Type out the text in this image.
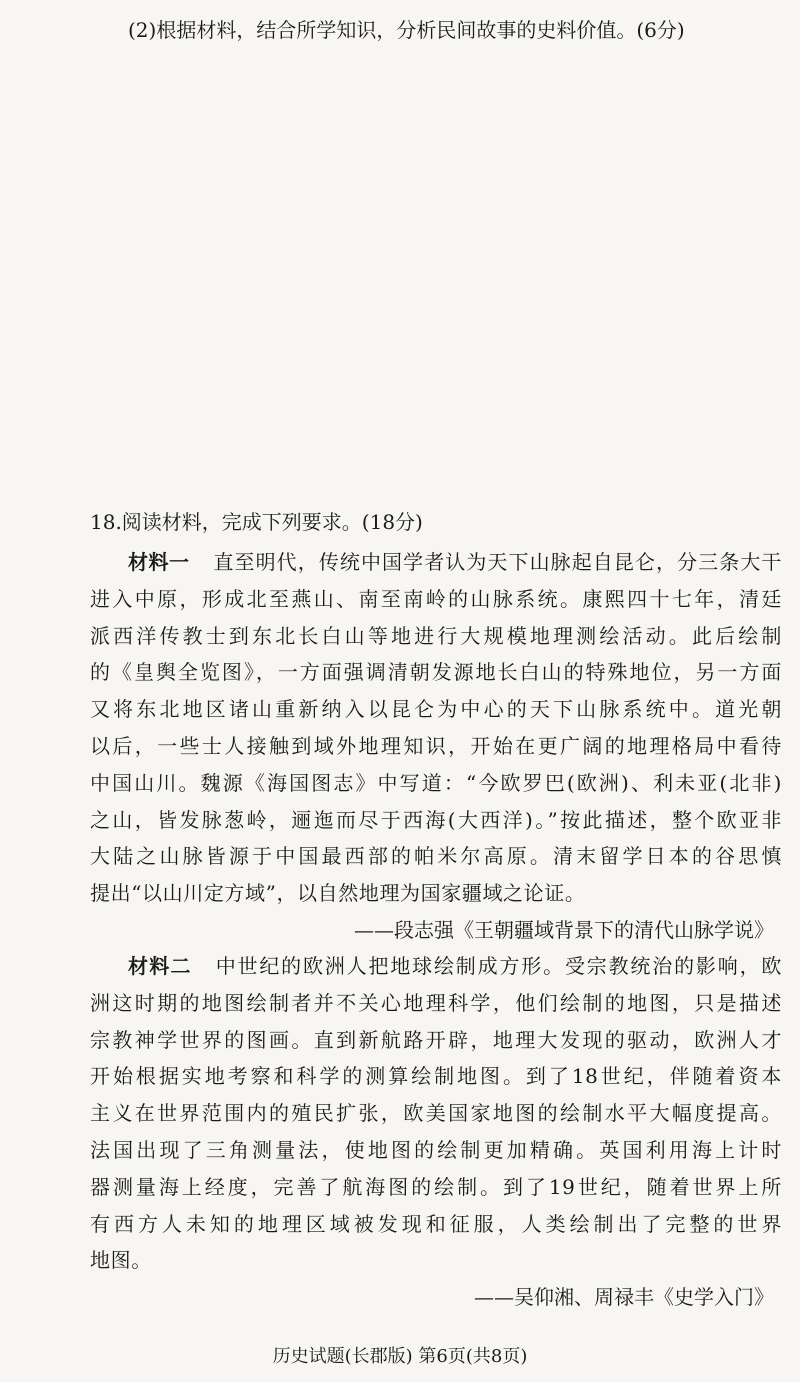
(2)根据材料，结合所学知识，分析民间故事的史料价值。(6分)
18.阅读材料，完成下列要求。(18分)
材料一 直至明代，传统中国学者认为天下山脉起自昆仑，分三条大干
进入中原，形成北至燕山、南至南岭的山脉系统。康熙四十七年，清廷
派西洋传教士到东北长白山等地进行大规模地理测绘活动。此后绘制
的《皇舆全览图》，一方面强调清朝发源地长白山的特殊地位，另一方面
又将东北地区诸山重新纳入以昆仑为中心的天下山脉系统中。道光朝
以后，一些士人接触到域外地理知识，开始在更广阔的地理格局中看待
中国山川。魏源《海国图志》中写道：“今欧罗巴(欧洲)、利未亚(北非)
之山，皆发脉葱岭，逦迤而尽于西海(大西洋)。”按此描述，整个欧亚非
大陆之山脉皆源于中国最西部的帕米尔高原。清末留学日本的谷思慎
提出“以山川定方域”，以自然地理为国家疆域之论证。
——段志强《王朝疆域背景下的清代山脉学说》
材料二 中世纪的欧洲人把地球绘制成方形。受宗教统治的影响，欧
洲这时期的地图绘制者并不关心地理科学，他们绘制的地图，只是描述
宗教神学世界的图画。直到新航路开辟，地理大发现的驱动，欧洲人才
开始根据实地考察和科学的测算绘制地图。到了18世纪，伴随着资本
主义在世界范围内的殖民扩张，欧美国家地图的绘制水平大幅度提高。
法国出现了三角测量法，使地图的绘制更加精确。英国利用海上计时
器测量海上经度，完善了航海图的绘制。到了19世纪，随着世界上所
有西方人未知的地理区域被发现和征服，人类绘制出了完整的世界
地图。
——吴仰湘、周禄丰《史学入门》
历史试题(长郡版) 第6页(共8页)
